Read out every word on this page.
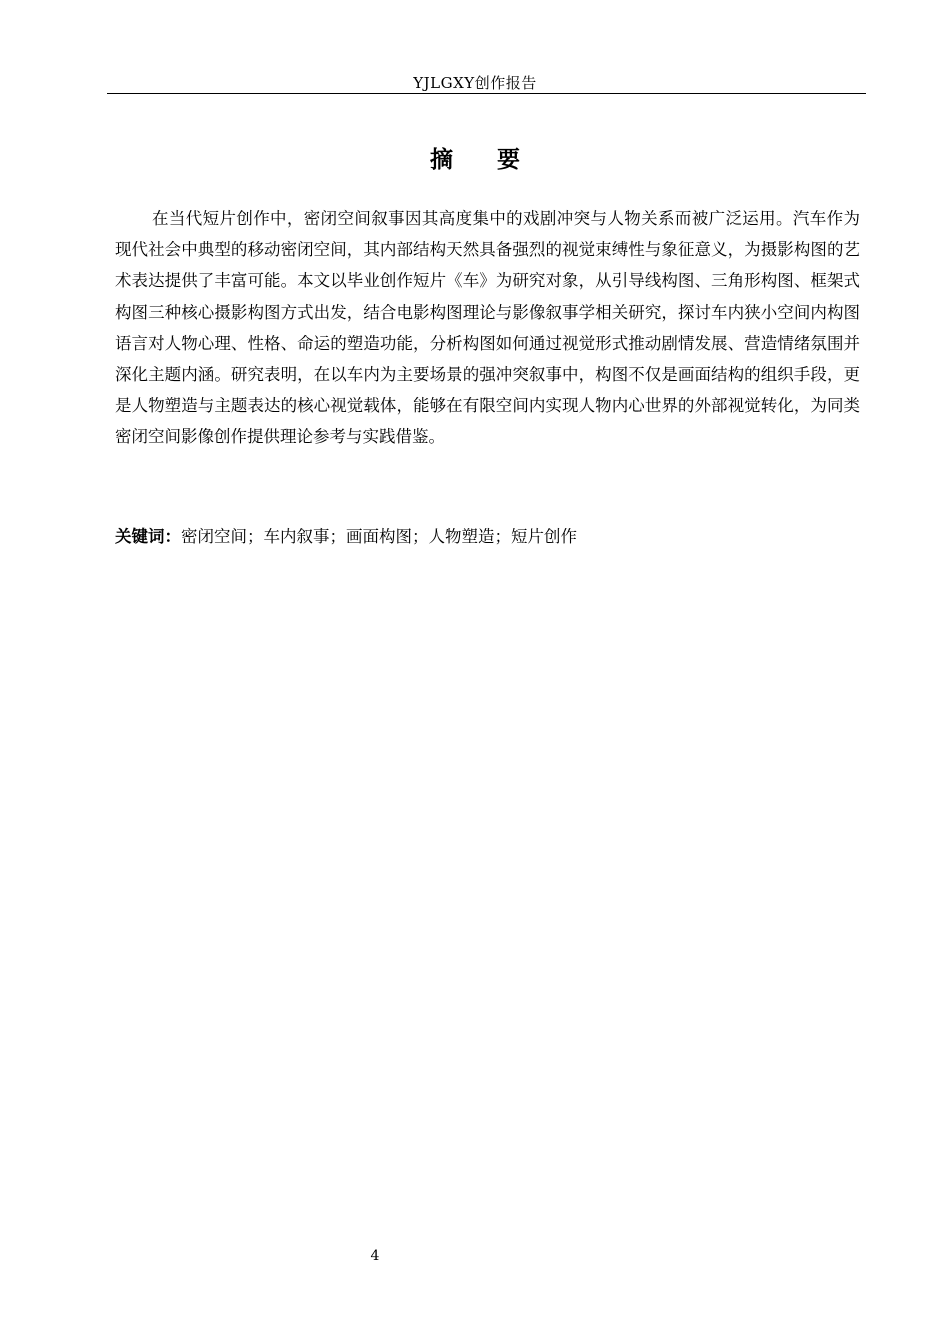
YJLGXY创作报告
摘 要

在当代短片创作中，密闭空间叙事因其高度集中的戏剧冲突与人物关系而被广泛运用。汽车作为现代社会中典型的移动密闭空间，其内部结构天然具备强烈的视觉束缚性与象征意义，为摄影构图的艺术表达提供了丰富可能。本文以毕业创作短片《车》为研究对象，从引导线构图、三角形构图、框架式构图三种核心摄影构图方式出发，结合电影构图理论与影像叙事学相关研究，探讨车内狭小空间内构图语言对人物心理、性格、命运的塑造功能，分析构图如何通过视觉形式推动剧情发展、营造情绪氛围并深化主题内涵。研究表明，在以车内为主要场景的强冲突叙事中，构图不仅是画面结构的组织手段，更是人物塑造与主题表达的核心视觉载体，能够在有限空间内实现人物内心世界的外部视觉转化，为同类密闭空间影像创作提供理论参考与实践借鉴。

关键词：密闭空间；车内叙事；画面构图；人物塑造；短片创作
4
